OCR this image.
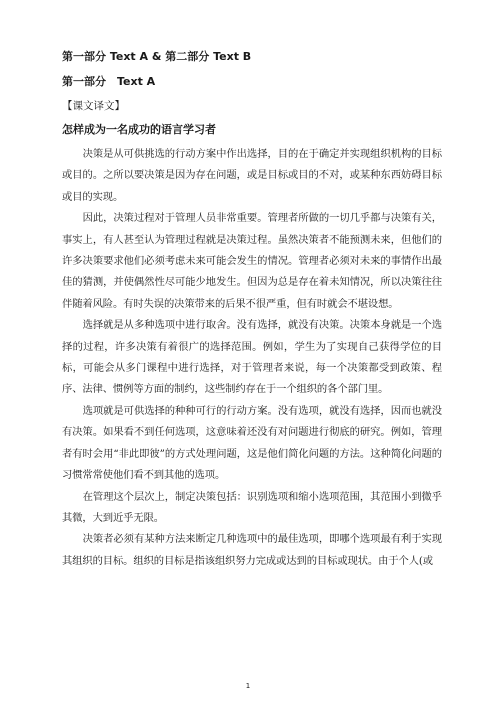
第一部分 Text A & 第二部分 Text B

第一部分　Text A

【课文译文】

怎样成为一名成功的语言学习者

决策是从可供挑选的行动方案中作出选择，目的在于确定并实现组织机构的目标或目的。之所以要决策是因为存在问题，或是目标或目的不对，或某种东西妨碍目标或目的实现。

因此，决策过程对于管理人员非常重要。管理者所做的一切几乎都与决策有关，事实上，有人甚至认为管理过程就是决策过程。虽然决策者不能预测未来，但他们的许多决策要求他们必须考虑未来可能会发生的情况。管理者必须对未来的事情作出最佳的猜测，并使偶然性尽可能少地发生。但因为总是存在着未知情况，所以决策往往伴随着风险。有时失误的决策带来的后果不很严重，但有时就会不堪设想。

选择就是从多种选项中进行取舍。没有选择，就没有决策。决策本身就是一个选择的过程，许多决策有着很广的选择范围。例如，学生为了实现自己获得学位的目标，可能会从多门课程中进行选择，对于管理者来说，每一个决策都受到政策、程序、法律、惯例等方面的制约，这些制约存在于一个组织的各个部门里。

选项就是可供选择的种种可行的行动方案。没有选项，就没有选择，因而也就没有决策。如果看不到任何选项，这意味着还没有对问题进行彻底的研究。例如，管理者有时会用“非此即彼”的方式处理问题，这是他们简化问题的方法。这种简化问题的习惯常常使他们看不到其他的选项。

在管理这个层次上，制定决策包括：识别选项和缩小选项范围，其范围小到微乎其微，大到近乎无限。

决策者必须有某种方法来断定几种选项中的最佳选项，即哪个选项最有利于实现其组织的目标。组织的目标是指该组织努力完成或达到的目标或现状。由于个人(或

1
